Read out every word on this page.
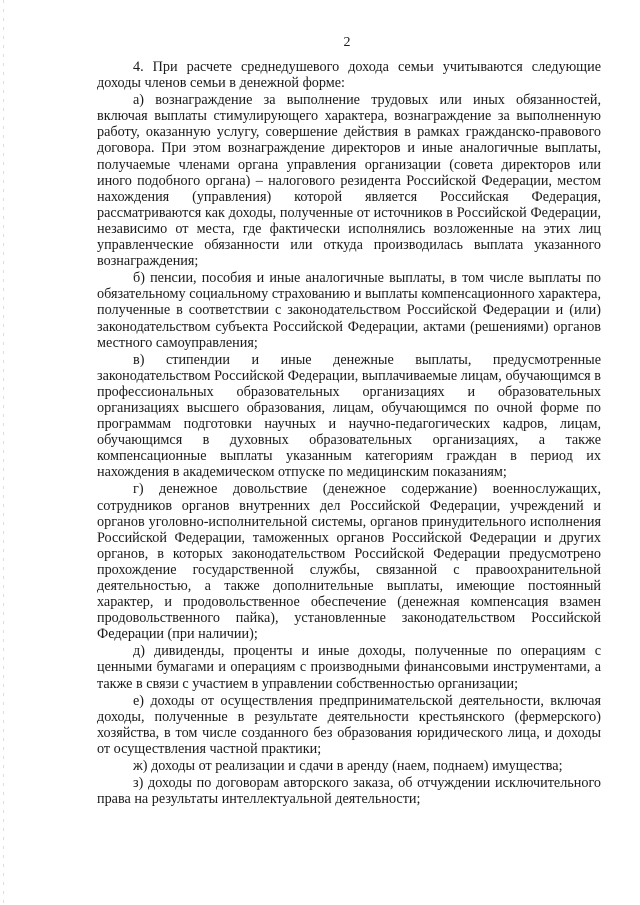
2

4. При расчете среднедушевого дохода семьи учитываются следующие доходы членов семьи в денежной форме:

а) вознаграждение за выполнение трудовых или иных обязанностей, включая выплаты стимулирующего характера, вознаграждение за выполненную работу, оказанную услугу, совершение действия в рамках гражданско-правового договора. При этом вознаграждение директоров и иные аналогичные выплаты, получаемые членами органа управления организации (совета директоров или иного подобного органа) – налогового резидента Российской Федерации, местом нахождения (управления) которой является Российская Федерация, рассматриваются как доходы, полученные от источников в Российской Федерации, независимо от места, где фактически исполнялись возложенные на этих лиц управленческие обязанности или откуда производилась выплата указанного вознаграждения;

б) пенсии, пособия и иные аналогичные выплаты, в том числе выплаты по обязательному социальному страхованию и выплаты компенсационного характера, полученные в соответствии с законодательством Российской Федерации и (или) законодательством субъекта Российской Федерации, актами (решениями) органов местного самоуправления;

в) стипендии и иные денежные выплаты, предусмотренные законодательством Российской Федерации, выплачиваемые лицам, обучающимся в профессиональных образовательных организациях и образовательных организациях высшего образования, лицам, обучающимся по очной форме по программам подготовки научных и научно-педагогических кадров, лицам, обучающимся в духовных образовательных организациях, а также компенсационные выплаты указанным категориям граждан в период их нахождения в академическом отпуске по медицинским показаниям;

г) денежное довольствие (денежное содержание) военнослужащих, сотрудников органов внутренних дел Российской Федерации, учреждений и органов уголовно-исполнительной системы, органов принудительного исполнения Российской Федерации, таможенных органов Российской Федерации и других органов, в которых законодательством Российской Федерации предусмотрено прохождение государственной службы, связанной с правоохранительной деятельностью, а также дополнительные выплаты, имеющие постоянный характер, и продовольственное обеспечение (денежная компенсация взамен продовольственного пайка), установленные законодательством Российской Федерации (при наличии);

д) дивиденды, проценты и иные доходы, полученные по операциям с ценными бумагами и операциям с производными финансовыми инструментами, а также в связи с участием в управлении собственностью организации;

е) доходы от осуществления предпринимательской деятельности, включая доходы, полученные в результате деятельности крестьянского (фермерского) хозяйства, в том числе созданного без образования юридического лица, и доходы от осуществления частной практики;

ж) доходы от реализации и сдачи в аренду (наем, поднаем) имущества;

з) доходы по договорам авторского заказа, об отчуждении исключительного права на результаты интеллектуальной деятельности;
